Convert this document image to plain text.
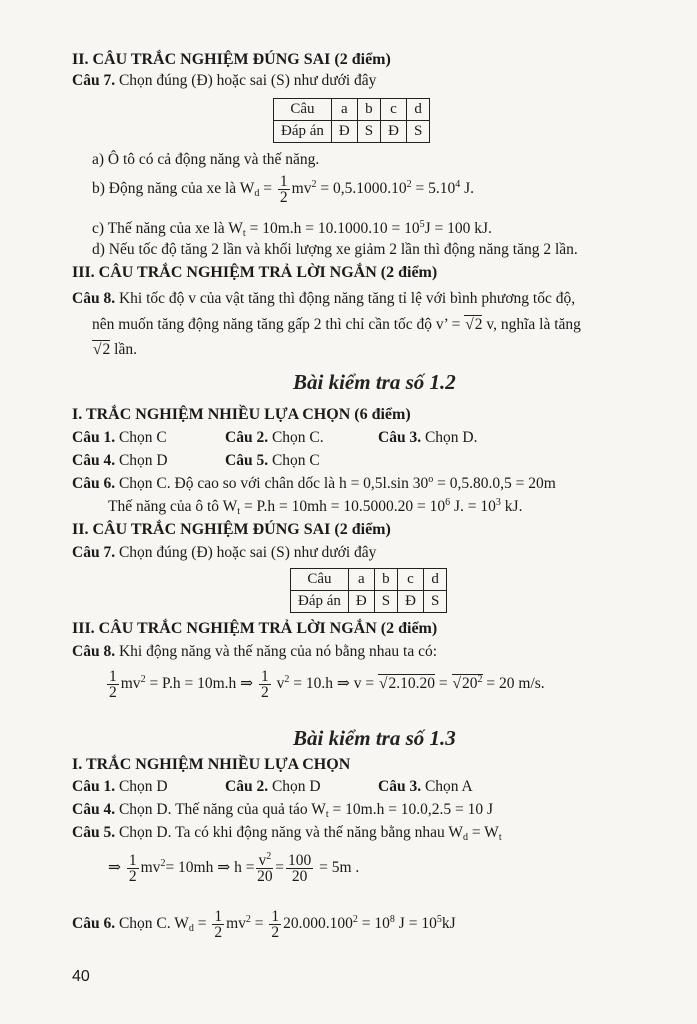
II. CÂU TRẮC NGHIỆM ĐÚNG SAI (2 điểm)
Câu 7. Chọn đúng (Đ) hoặc sai (S) như dưới đây
Câu	a	b	c	d
Đáp án	Đ	S	Đ	S
a) Ô tô có cả động năng và thế năng.
b) Động năng của xe là $W_d = \frac{1}{2} mv^2 = 0,5.1000.10^2 = 5.10^4$ J.
c) Thế năng của xe là $W_t = 10m.h = 10.1000.10 = 10^5J = 100$ kJ.
d) Nếu tốc độ tăng 2 lần và khối lượng xe giảm 2 lần thì động năng tăng 2 lần.
III. CÂU TRẮC NGHIỆM TRẢ LỜI NGẮN (2 điểm)
Câu 8. Khi tốc độ v của vật tăng thì động năng tăng tỉ lệ với bình phương tốc độ,
nên muốn tăng động năng tăng gấp 2 thì chỉ cần tốc độ v’ = √ 2 v, nghĩa là tăng
√ 2 lần.
Bài kiểm tra số 1.2
I. TRẮC NGHIỆM NHIỀU LỰA CHỌN (6 điểm)
Câu 1. Chọn C	Câu 2. Chọn C.	Câu 3. Chọn D.
Câu 4. Chọn D	Câu 5. Chọn C
Câu 6. Chọn C. Độ cao so với chân dốc là h = 0,5l.sin $30^o = 0,5.80.0,5 = 20m$
Thế năng của ô tô $W_t = P.h = 10mh = 10.5000.20 = 10^6$ J. = $10^3$ kJ.
II. CÂU TRẮC NGHIỆM ĐÚNG SAI (2 điểm)
Câu 7. Chọn đúng (Đ) hoặc sai (S) như dưới đây
Câu	a	b	c	d
Đáp án	Đ	S	Đ	S
III. CÂU TRẮC NGHIỆM TRẢ LỜI NGẮN (2 điểm)
Câu 8. Khi động năng và thế năng của nó bằng nhau ta có:
$\frac{1}{2} mv^2 = P.h = 10m.h$ ⇒ $\frac{1}{2} v^2 = 10.h$ ⇒ v = √ 2.10.20 = √ $20^2 = 20$ m/s.
Bài kiểm tra số 1.3
I. TRẮC NGHIỆM NHIỀU LỰA CHỌN
Câu 1. Chọn D	Câu 2. Chọn D	Câu 3. Chọn A
Câu 4. Chọn D. Thế năng của quả táo $W_t = 10m.h = 10.0,2.5 = 10$ J
Câu 5. Chọn D. Ta có khi động năng và thế năng bằng nhau $W_d = W_t$
⇒ $\frac{1}{2} mv^2= 10mh$ ⇒ $h = \frac{v^2}{20} = \frac{100}{20} = 5m$ .
Câu 6. Chọn C. $W_d = \frac{1}{2} mv^2 = \frac{1}{2} 20.000.100^2 = 10^8$ $J = 10^5kJ$
40
